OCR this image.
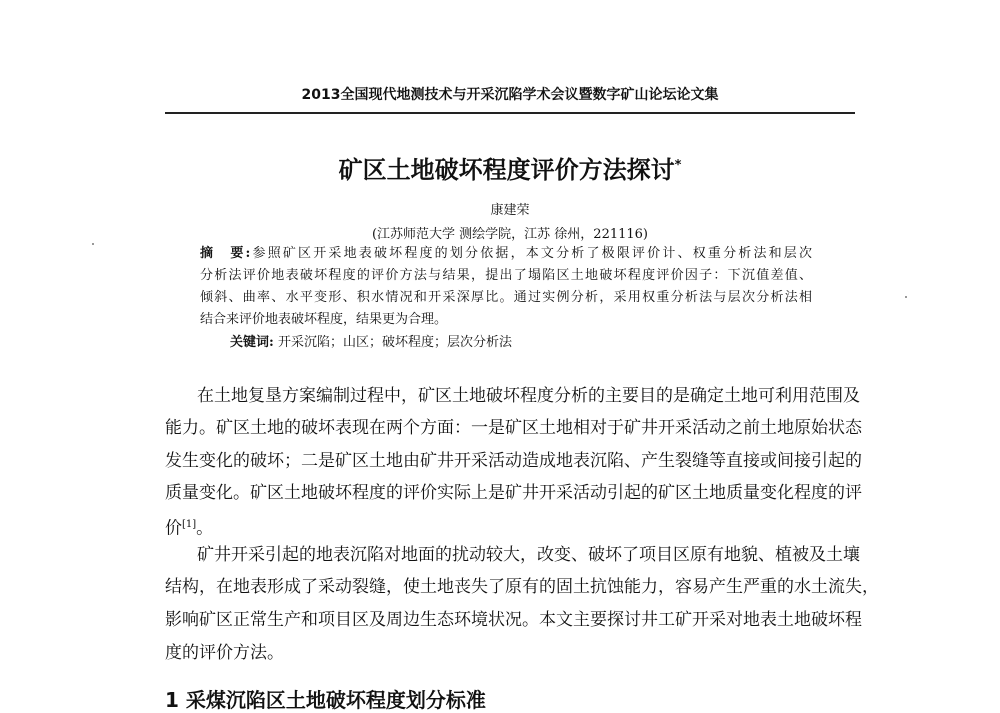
2013全国现代地测技术与开采沉陷学术会议暨数字矿山论坛论文集
矿区土地破坏程度评价方法探讨*
康建荣
(江苏师范大学 测绘学院，江苏 徐州，221116)
摘　要:参照矿区开采地表破坏程度的划分依据，本文分析了极限评价计、权重分析法和层次
分析法评价地表破坏程度的评价方法与结果，提出了塌陷区土地破坏程度评价因子：下沉值差值、
倾斜、曲率、水平变形、积水情况和开采深厚比。通过实例分析，采用权重分析法与层次分析法相
结合来评价地表破坏程度，结果更为合理。
关键词: 开采沉陷；山区；破坏程度；层次分析法
在土地复垦方案编制过程中，矿区土地破坏程度分析的主要目的是确定土地可利用范围及
能力。矿区土地的破坏表现在两个方面：一是矿区土地相对于矿井开采活动之前土地原始状态
发生变化的破坏；二是矿区土地由矿井开采活动造成地表沉陷、产生裂缝等直接或间接引起的
质量变化。矿区土地破坏程度的评价实际上是矿井开采活动引起的矿区土地质量变化程度的评
价[1]。
矿井开采引起的地表沉陷对地面的扰动较大，改变、破坏了项目区原有地貌、植被及土壤
结构，在地表形成了采动裂缝，使土地丧失了原有的固土抗蚀能力，容易产生严重的水土流失，
影响矿区正常生产和项目区及周边生态环境状况。本文主要探讨井工矿开采对地表土地破坏程
度的评价方法。
1 采煤沉陷区土地破坏程度划分标准
